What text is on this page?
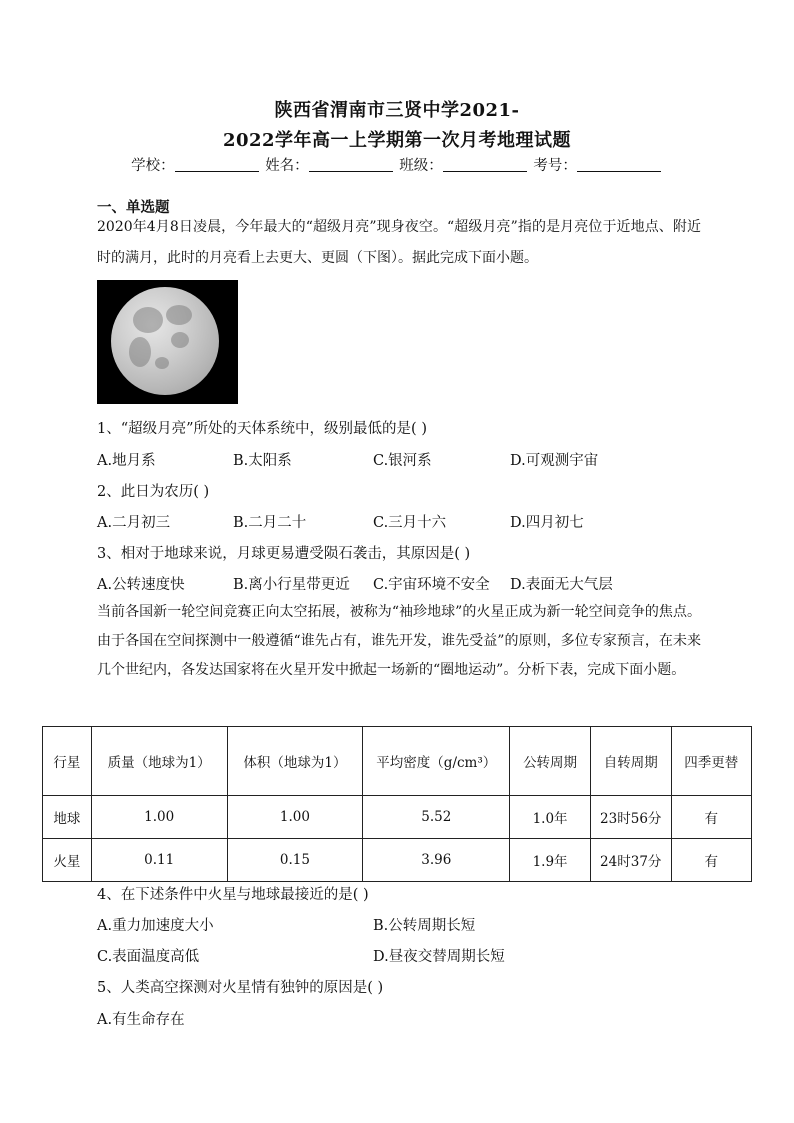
陕西省渭南市三贤中学2021-
2022学年高一上学期第一次月考地理试题
学校：	姓名：	班级：	考号：
一、单选题
2020年4月8日凌晨，今年最大的“超级月亮”现身夜空。“超级月亮”指的是月亮位于近地点、附近时的满月，此时的月亮看上去更大、更圆（下图）。据此完成下面小题。
1、“超级月亮”所处的天体系统中，级别最低的是( )
A.地月系	B.太阳系	C.银河系	D.可观测宇宙
2、此日为农历( )
A.二月初三	B.二月二十	C.三月十六	D.四月初七
3、相对于地球来说，月球更易遭受陨石袭击，其原因是( )
A.公转速度快	B.离小行星带更近 C.宇宙环境不安全 D.表面无大气层
当前各国新一轮空间竞赛正向太空拓展，被称为“袖珍地球”的火星正成为新一轮空间竞争的焦点。由于各国在空间探测中一般遵循“谁先占有，谁先开发，谁先受益”的原则，多位专家预言，在未来几个世纪内，各发达国家将在火星开发中掀起一场新的“圈地运动”。分析下表，完成下面小题。
行星	质量（地球为1）	体积（地球为1）	平均密度（g/cm³）	公转周期	自转周期	四季更替
地球	1.00	1.00	5.52	1.0年	23时56分	有
火星	0.11	0.15	3.96	1.9年	24时37分	有
4、在下述条件中火星与地球最接近的是( )
A.重力加速度大小	B.公转周期长短
C.表面温度高低	D.昼夜交替周期长短
5、人类高空探测对火星情有独钟的原因是( )
A.有生命存在
